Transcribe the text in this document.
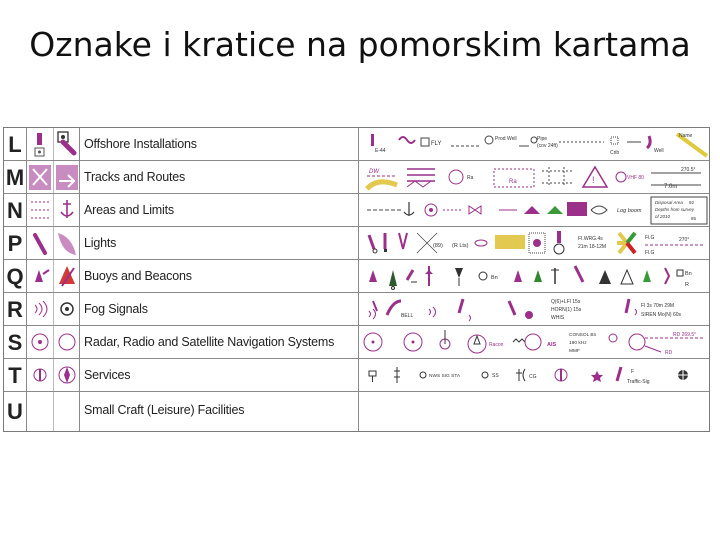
Oznake i kratice na pomorskim kartama
L	Offshore Installations	E-44
FLY
Prod Well	Pipe
(cov 24ft)
Crib	Well
Name
M	Tracks and Routes	DW
Ra
Ra	!	VHF 80
270.5°
7.0m
N	Areas and Limits	Log boom
Disposal Area 92
Depths from survey
of 2010	85
P	Lights	(89) (R Lts)
FI.WRG.4s
21m 18-12M
Fl.G	270°
Fl.G
Q	Buoys and Beacons	Bn
Bn
R
R	Fog Signals	BELL
Q(6)+LFl 15s
HORN(1) 15s
WHIS
Fl 3s 70m 29M
SIREN Mo(N) 60s
S	Radar, Radio and Satellite Navigation Systems	Racon	AIS
CONSOL Bn
190 kHz
MMF
RD 269.5°
RD
T	Services	NWS SIG STA	SS	CG
F
Traffic-Sig
U	Small Craft (Leisure) Facilities
